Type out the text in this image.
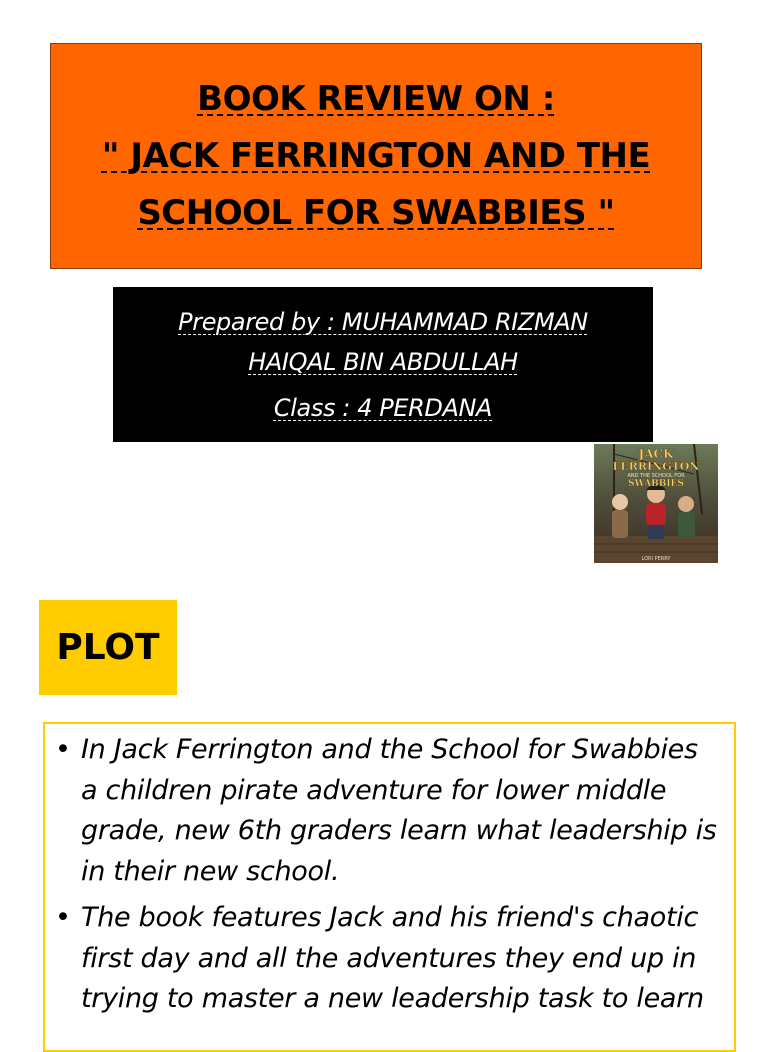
BOOK REVIEW ON :
" JACK FERRINGTON AND THE
SCHOOL FOR SWABBIES "
Prepared by : MUHAMMAD RIZMAN
HAIQAL BIN ABDULLAH
Class : 4 PERDANA
JACK
FERRINGTON
AND THE SCHOOL FOR
SWABBIES
LORI PERRY
PLOT
• In Jack Ferrington and the School for Swabbies a children pirate adventure for lower middle grade, new 6th graders learn what leadership is in their new school.
• The book features Jack and his friend's chaotic first day and all the adventures they end up in trying to master a new leadership task to learn
